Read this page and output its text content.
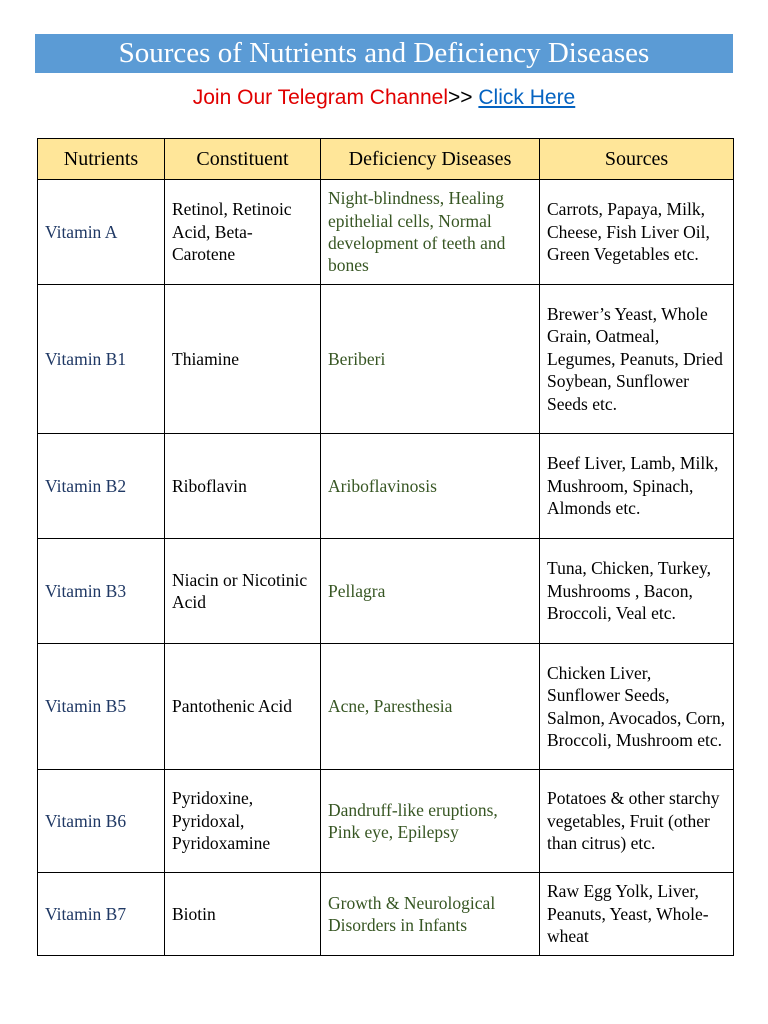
Sources of Nutrients and Deficiency Diseases
Join Our Telegram Channel>> Click Here
Nutrients	Constituent	Deficiency Diseases	Sources
Vitamin A	Retinol, Retinoic Acid, Beta-Carotene	Night-blindness, Healing epithelial cells, Normal development of teeth and bones	Carrots, Papaya, Milk, Cheese, Fish Liver Oil, Green Vegetables etc.
Vitamin B1	Thiamine	Beriberi	Brewer’s Yeast, Whole Grain, Oatmeal, Legumes, Peanuts, Dried Soybean, Sunflower Seeds etc.
Vitamin B2	Riboflavin	Ariboflavinosis	Beef Liver, Lamb, Milk, Mushroom, Spinach, Almonds etc.
Vitamin B3	Niacin or Nicotinic Acid	Pellagra	Tuna, Chicken, Turkey, Mushrooms , Bacon, Broccoli, Veal etc.
Vitamin B5	Pantothenic Acid	Acne, Paresthesia	Chicken Liver, Sunflower Seeds, Salmon, Avocados, Corn, Broccoli, Mushroom etc.
Vitamin B6	Pyridoxine, Pyridoxal, Pyridoxamine	Dandruff-like eruptions, Pink eye, Epilepsy	Potatoes & other starchy vegetables, Fruit (other than citrus) etc.
Vitamin B7	Biotin	Growth & Neurological Disorders in Infants	Raw Egg Yolk, Liver, Peanuts, Yeast, Whole-wheat
